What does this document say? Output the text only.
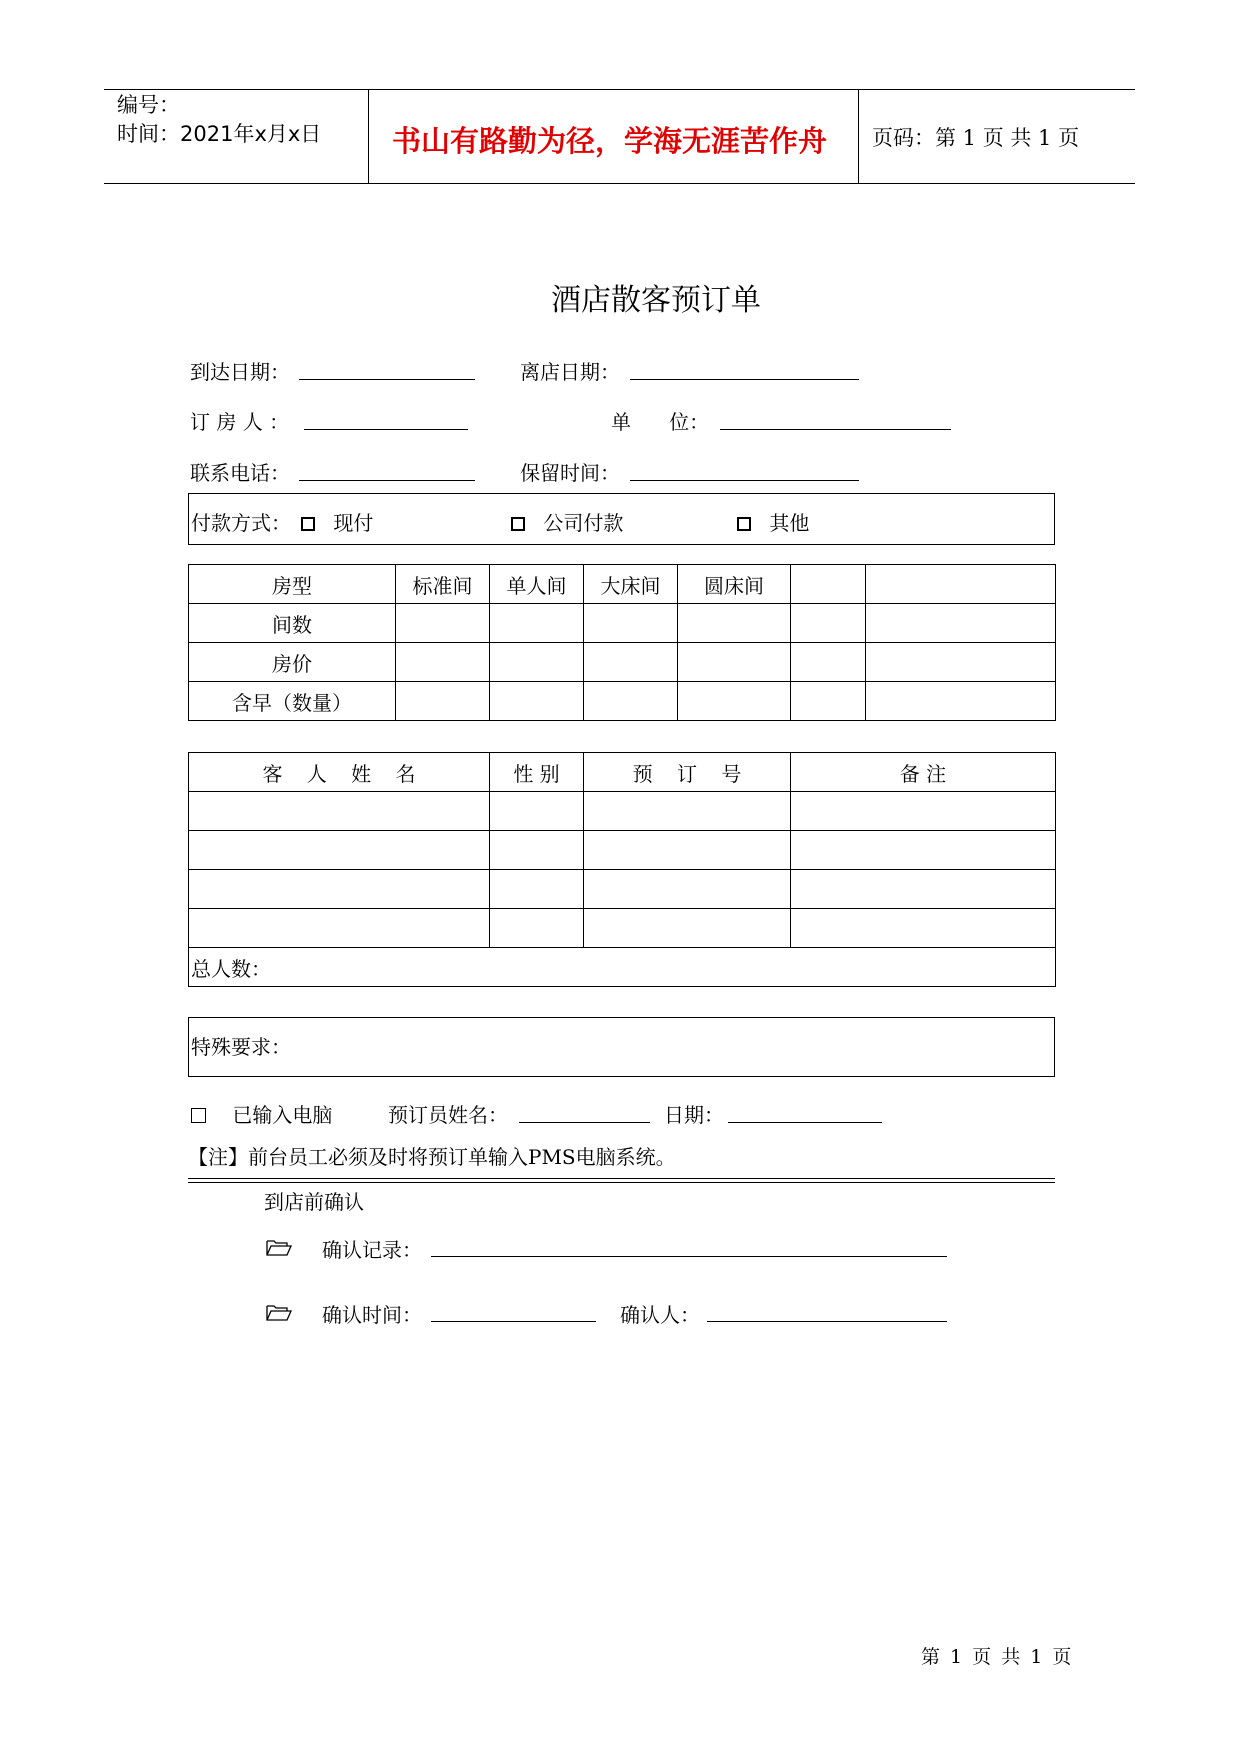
编号：
时间：2021年x月x日 书山有路勤为径，学海无涯苦作舟 页码：第 1 页 共 1 页
酒店散客预订单
到达日期：	离店日期：
订 房 人 ：	单      位：
联系电话：	保留时间：
付款方式：	现付	公司付款	其他
房型	标准间	单人间	大床间	圆床间		
间数						
房价						
含早（数量）						
客 人 姓 名	性 别	预 订 号	备 注

总人数：			
特殊要求：
已输入电脑	预订员姓名：	日期：
【注】前台员工必须及时将预订单输入PMS电脑系统。
到店前确认
确认记录：
确认时间：	确认人：
第 1 页 共 1 页
